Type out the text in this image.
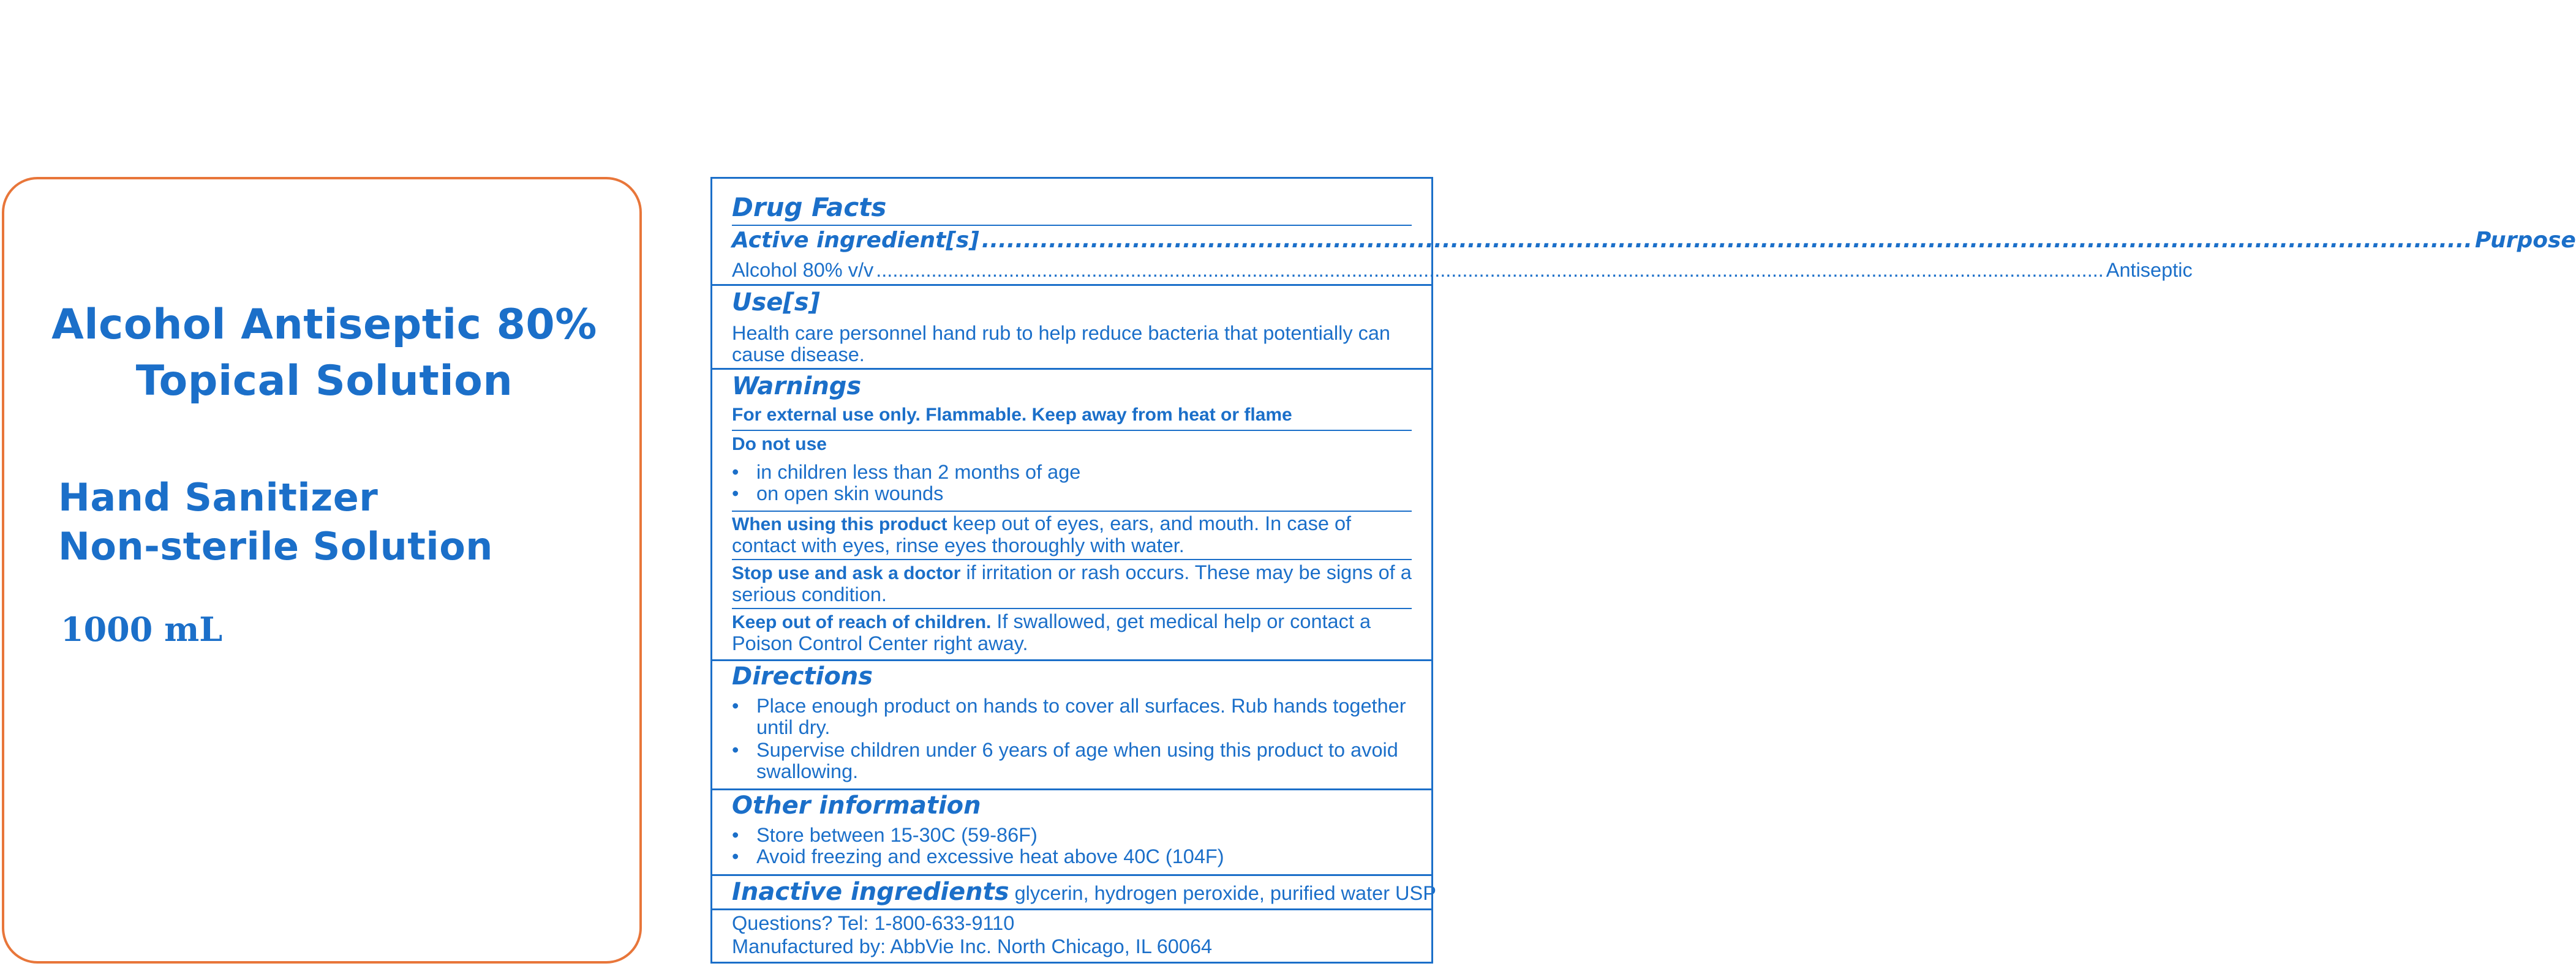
Alcohol Antiseptic 80%
Topical Solution
Hand Sanitizer
Non-sterile Solution
1000 mL
Drug Facts
Active ingredient[s] .................................................................................................................................................................................. Purpose
Alcohol 80% v/v .............................................................................................................................................................................................................................. Antiseptic
Use[s]
Health care personnel hand rub to help reduce bacteria that potentially can cause disease.
Warnings
For external use only. Flammable. Keep away from heat or flame
Do not use
• in children less than 2 months of age
• on open skin wounds
When using this product keep out of eyes, ears, and mouth. In case of contact with eyes, rinse eyes thoroughly with water.
Stop use and ask a doctor if irritation or rash occurs. These may be signs of a serious condition.
Keep out of reach of children. If swallowed, get medical help or contact a Poison Control Center right away.
Directions
• Place enough product on hands to cover all surfaces. Rub hands together until dry.
• Supervise children under 6 years of age when using this product to avoid swallowing.
Other information
• Store between 15-30C (59-86F)
• Avoid freezing and excessive heat above 40C (104F)
Inactive ingredients glycerin, hydrogen peroxide, purified water USP
Questions? Tel: 1-800-633-9110
Manufactured by: AbbVie Inc. North Chicago, IL 60064
